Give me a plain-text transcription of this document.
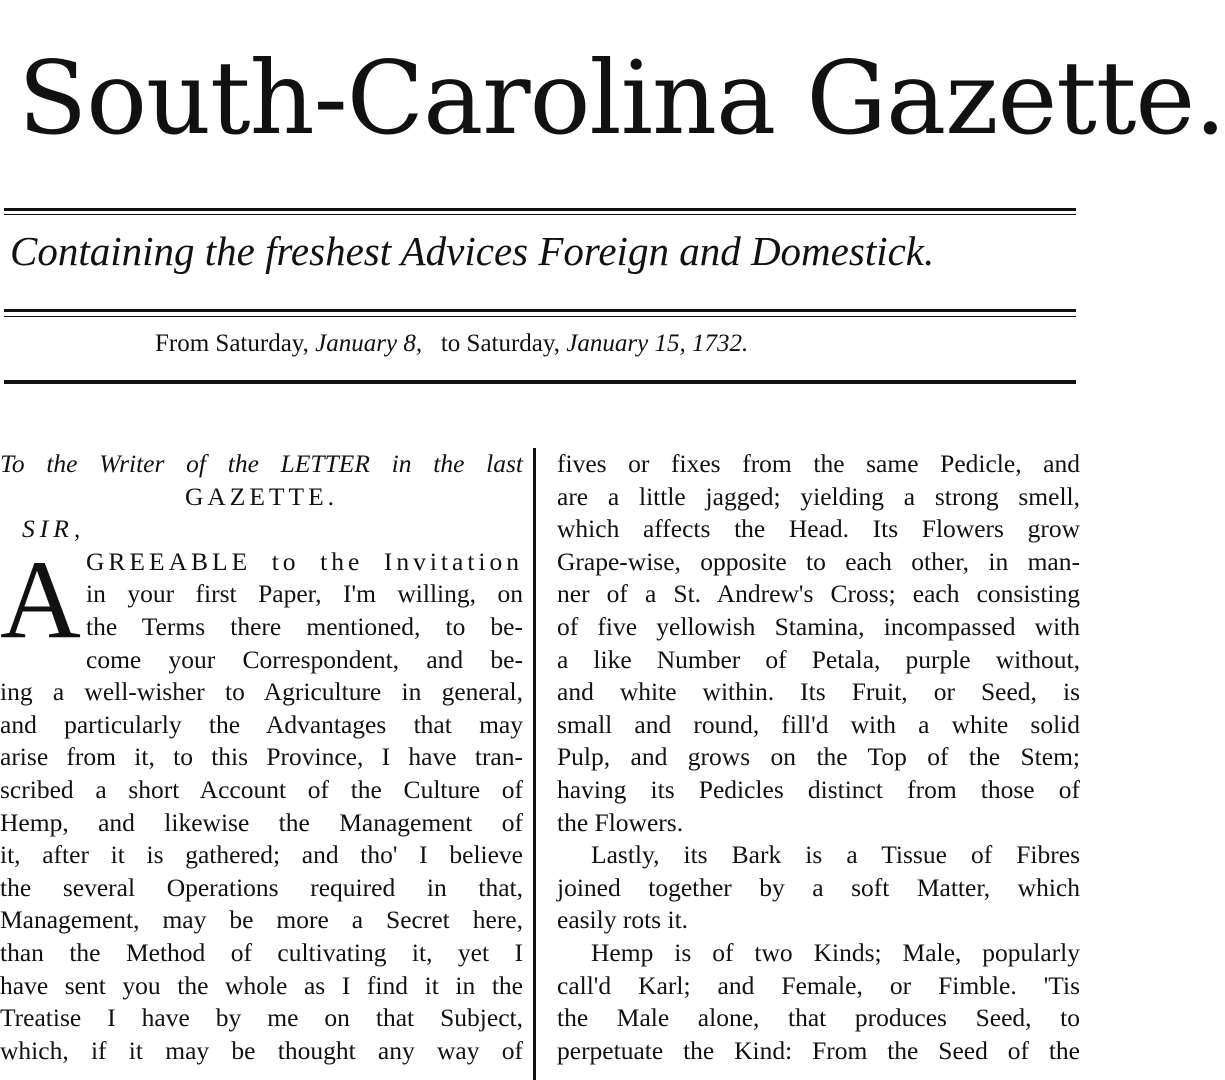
South-Carolina Gazette.
Containing the freshest Advices Foreign and Domestick.
From Saturday, January 8, to Saturday, January 15, 1732.
To the Writer of the LETTER in the last
GAZETTE.
SIR,
A GREEABLE to the Invitation
in your first Paper, I'm willing, on
the Terms there mentioned, to be-
come your Correspondent, and be-
ing a well-wisher to Agriculture in general,
and particularly the Advantages that may
arise from it, to this Province, I have tran-
scribed a short Account of the Culture of
Hemp, and likewise the Management of
it, after it is gathered; and tho' I believe
the several Operations required in that,
Management, may be more a Secret here,
than the Method of cultivating it, yet I
have sent you the whole as I find it in the
Treatise I have by me on that Subject,
which, if it may be thought any way of
fives or fixes from the same Pedicle, and
are a little jagged; yielding a strong smell,
which affects the Head. Its Flowers grow
Grape-wise, opposite to each other, in man-
ner of a St. Andrew's Cross; each consisting
of five yellowish Stamina, incompassed with
a like Number of Petala, purple without,
and white within. Its Fruit, or Seed, is
small and round, fill'd with a white solid
Pulp, and grows on the Top of the Stem;
having its Pedicles distinct from those of
the Flowers.
Lastly, its Bark is a Tissue of Fibres
joined together by a soft Matter, which
easily rots it.
Hemp is of two Kinds; Male, popularly
call'd Karl; and Female, or Fimble. 'Tis
the Male alone, that produces Seed, to
perpetuate the Kind: From the Seed of the
